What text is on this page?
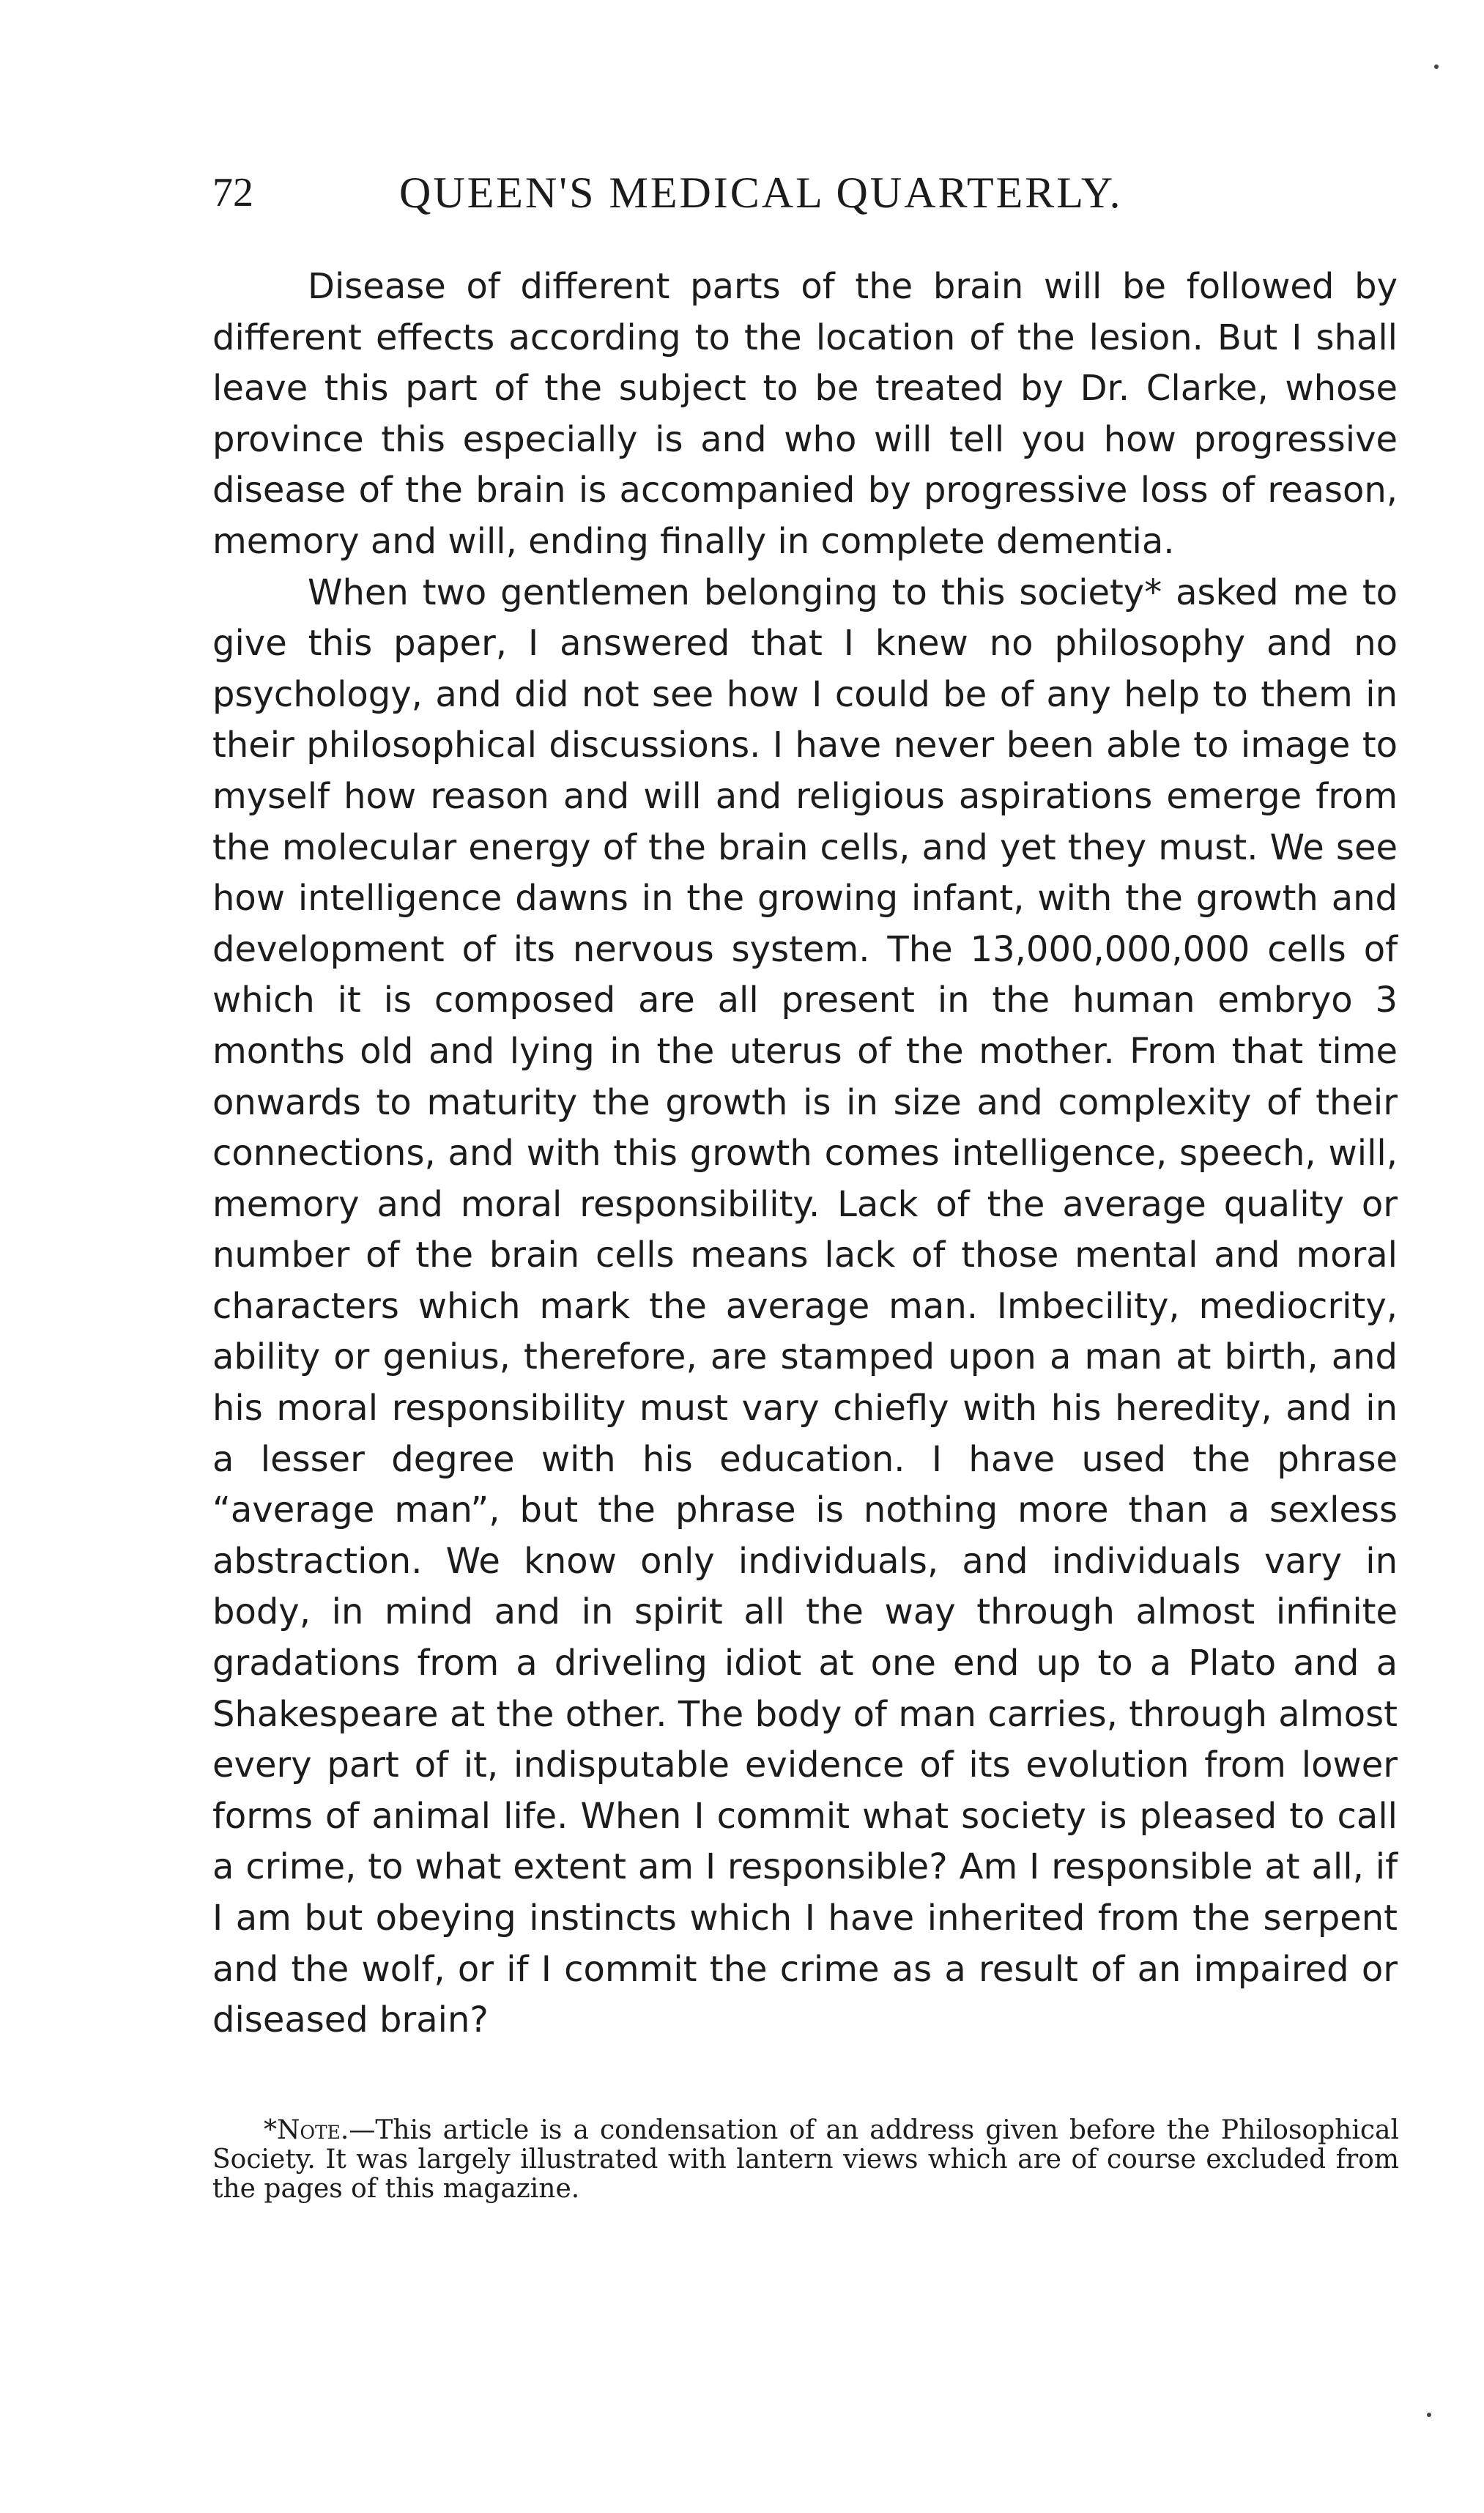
72	QUEEN'S MEDICAL QUARTERLY.

Disease of different parts of the brain will be followed by different effects according to the location of the lesion. But I shall leave this part of the subject to be treated by Dr. Clarke, whose province this especially is and who will tell you how progressive disease of the brain is accompanied by progressive loss of reason, memory and will, ending finally in complete dementia.

When two gentlemen belonging to this society* asked me to give this paper, I answered that I knew no philosophy and no psychology, and did not see how I could be of any help to them in their philosophical discussions. I have never been able to image to myself how reason and will and religious aspirations emerge from the molecular energy of the brain cells, and yet they must. We see how intelligence dawns in the growing infant, with the growth and development of its nervous system. The 13,000,000,000 cells of which it is composed are all present in the human embryo 3 months old and lying in the uterus of the mother. From that time onwards to maturity the growth is in size and complexity of their connections, and with this growth comes intelligence, speech, will, memory and moral responsibility. Lack of the average quality or number of the brain cells means lack of those mental and moral characters which mark the average man. Imbecility, mediocrity, ability or genius, therefore, are stamped upon a man at birth, and his moral responsibility must vary chiefly with his heredity, and in a lesser degree with his education. I have used the phrase “average man”, but the phrase is nothing more than a sexless abstraction. We know only individuals, and individuals vary in body, in mind and in spirit all the way through almost infinite gradations from a driveling idiot at one end up to a Plato and a Shakespeare at the other. The body of man carries, through almost every part of it, indisputable evidence of its evolution from lower forms of animal life. When I commit what society is pleased to call a crime, to what extent am I responsible? Am I responsible at all, if I am but obeying instincts which I have inherited from the serpent and the wolf, or if I commit the crime as a result of an impaired or diseased brain?

*Note.—This article is a condensation of an address given before the Philosophical Society. It was largely illustrated with lantern views which are of course excluded from the pages of this magazine.
